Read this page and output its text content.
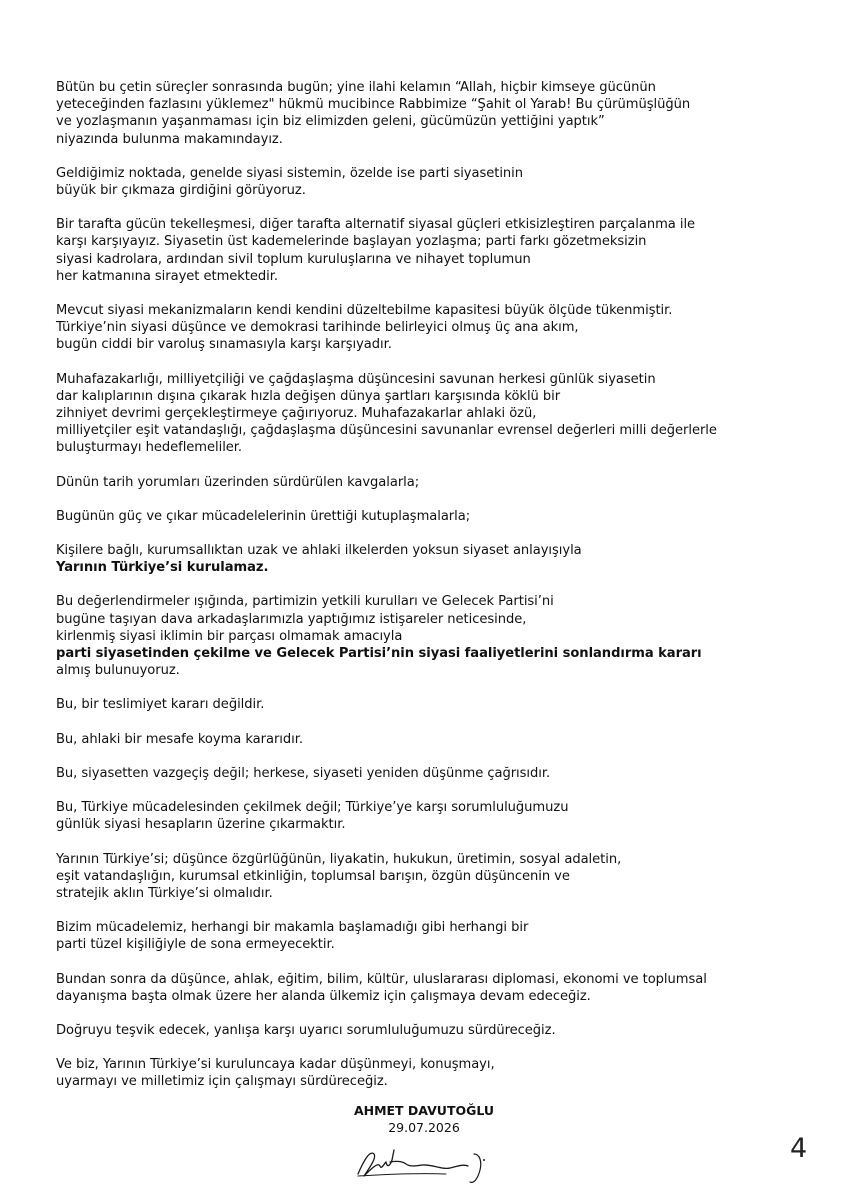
Bütün bu çetin süreçler sonrasında bugün; yine ilahi kelamın “Allah, hiçbir kimseye gücünün
yeteceğinden fazlasını yüklemez" hükmü mucibince Rabbimize “Şahit ol Yarab! Bu çürümüşlüğün
ve yozlaşmanın yaşanmaması için biz elimizden geleni, gücümüzün yettiğini yaptık”
niyazında bulunma makamındayız.
Geldiğimiz noktada, genelde siyasi sistemin, özelde ise parti siyasetinin
büyük bir çıkmaza girdiğini görüyoruz.
Bir tarafta gücün tekelleşmesi, diğer tarafta alternatif siyasal güçleri etkisizleştiren parçalanma ile
karşı karşıyayız. Siyasetin üst kademelerinde başlayan yozlaşma; parti farkı gözetmeksizin
siyasi kadrolara, ardından sivil toplum kuruluşlarına ve nihayet toplumun
her katmanına sirayet etmektedir.
Mevcut siyasi mekanizmaların kendi kendini düzeltebilme kapasitesi büyük ölçüde tükenmiştir.
Türkiye’nin siyasi düşünce ve demokrasi tarihinde belirleyici olmuş üç ana akım,
bugün ciddi bir varoluş sınamasıyla karşı karşıyadır.
Muhafazakarlığı, milliyetçiliği ve çağdaşlaşma düşüncesini savunan herkesi günlük siyasetin
dar kalıplarının dışına çıkarak hızla değişen dünya şartları karşısında köklü bir
zihniyet devrimi gerçekleştirmeye çağırıyoruz. Muhafazakarlar ahlaki özü,
milliyetçiler eşit vatandaşlığı, çağdaşlaşma düşüncesini savunanlar evrensel değerleri milli değerlerle
buluşturmayı hedeflemeliler.
Dünün tarih yorumları üzerinden sürdürülen kavgalarla;
Bugünün güç ve çıkar mücadelelerinin ürettiği kutuplaşmalarla;
Kişilere bağlı, kurumsallıktan uzak ve ahlaki ilkelerden yoksun siyaset anlayışıyla
Yarının Türkiye’si kurulamaz.
Bu değerlendirmeler ışığında, partimizin yetkili kurulları ve Gelecek Partisi’ni
bugüne taşıyan dava arkadaşlarımızla yaptığımız istişareler neticesinde,
kirlenmiş siyasi iklimin bir parçası olmamak amacıyla
parti siyasetinden çekilme ve Gelecek Partisi’nin siyasi faaliyetlerini sonlandırma kararı
almış bulunuyoruz.
Bu, bir teslimiyet kararı değildir.
Bu, ahlaki bir mesafe koyma kararıdır.
Bu, siyasetten vazgeçiş değil; herkese, siyaseti yeniden düşünme çağrısıdır.
Bu, Türkiye mücadelesinden çekilmek değil; Türkiye’ye karşı sorumluluğumuzu
günlük siyasi hesapların üzerine çıkarmaktır.
Yarının Türkiye’si; düşünce özgürlüğünün, liyakatin, hukukun, üretimin, sosyal adaletin,
eşit vatandaşlığın, kurumsal etkinliğin, toplumsal barışın, özgün düşüncenin ve
stratejik aklın Türkiye’si olmalıdır.
Bizim mücadelemiz, herhangi bir makamla başlamadığı gibi herhangi bir
parti tüzel kişiliğiyle de sona ermeyecektir.
Bundan sonra da düşünce, ahlak, eğitim, bilim, kültür, uluslararası diplomasi, ekonomi ve toplumsal
dayanışma başta olmak üzere her alanda ülkemiz için çalışmaya devam edeceğiz.
Doğruyu teşvik edecek, yanlışa karşı uyarıcı sorumluluğumuzu sürdüreceğiz.
Ve biz, Yarının Türkiye’si kuruluncaya kadar düşünmeyi, konuşmayı,
uyarmayı ve milletimiz için çalışmayı sürdüreceğiz.
AHMET DAVUTOĞLU
29.07.2026
4
